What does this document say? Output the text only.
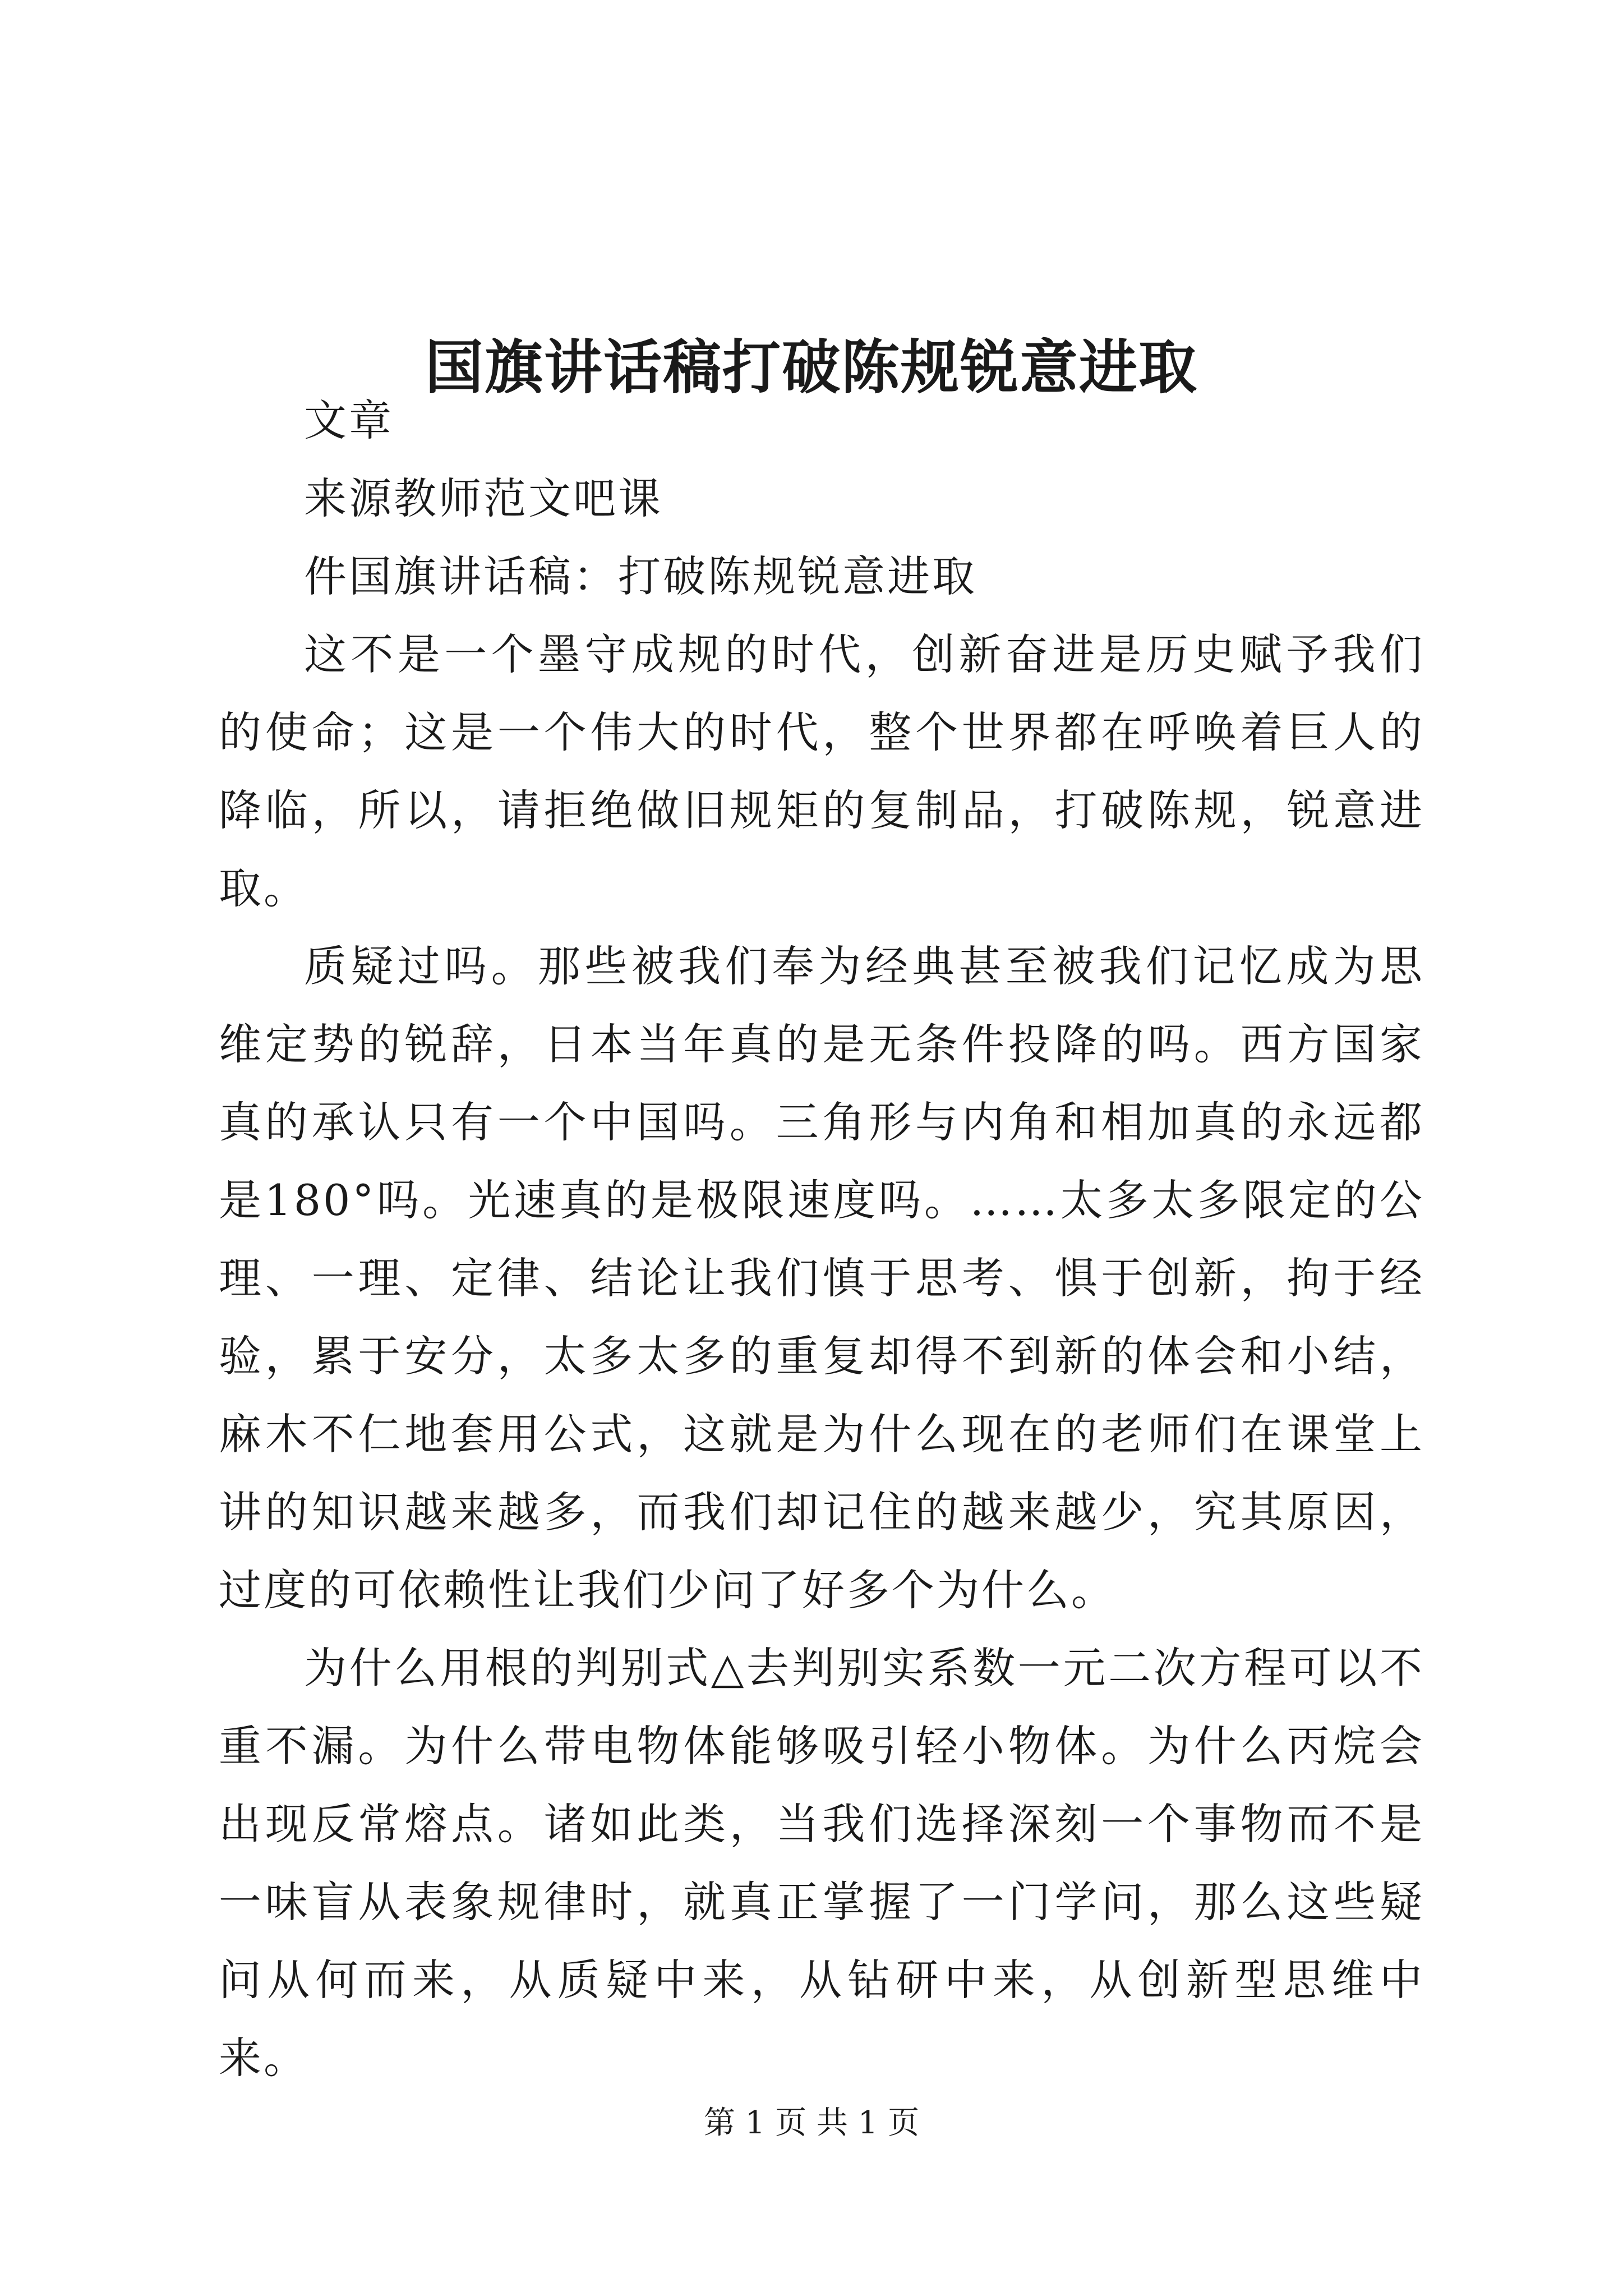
国旗讲话稿打破陈规锐意进取

文章

来源教师范文吧课

件国旗讲话稿：打破陈规锐意进取

这不是一个墨守成规的时代，创新奋进是历史赋予我们的使命；这是一个伟大的时代，整个世界都在呼唤着巨人的降临，所以，请拒绝做旧规矩的复制品，打破陈规，锐意进取。

质疑过吗。那些被我们奉为经典甚至被我们记忆成为思维定势的锐辞，日本当年真的是无条件投降的吗。西方国家真的承认只有一个中国吗。三角形与内角和相加真的永远都是180°吗。光速真的是极限速度吗。……太多太多限定的公理、一理、定律、结论让我们慎于思考、惧于创新，拘于经验，累于安分，太多太多的重复却得不到新的体会和小结，麻木不仁地套用公式，这就是为什么现在的老师们在课堂上讲的知识越来越多，而我们却记住的越来越少，究其原因，过度的可依赖性让我们少问了好多个为什么。

为什么用根的判别式△去判别实系数一元二次方程可以不重不漏。为什么带电物体能够吸引轻小物体。为什么丙烷会出现反常熔点。诸如此类，当我们选择深刻一个事物而不是一味盲从表象规律时，就真正掌握了一门学问，那么这些疑问从何而来，从质疑中来，从钻研中来，从创新型思维中来。

第 1 页 共 1 页
